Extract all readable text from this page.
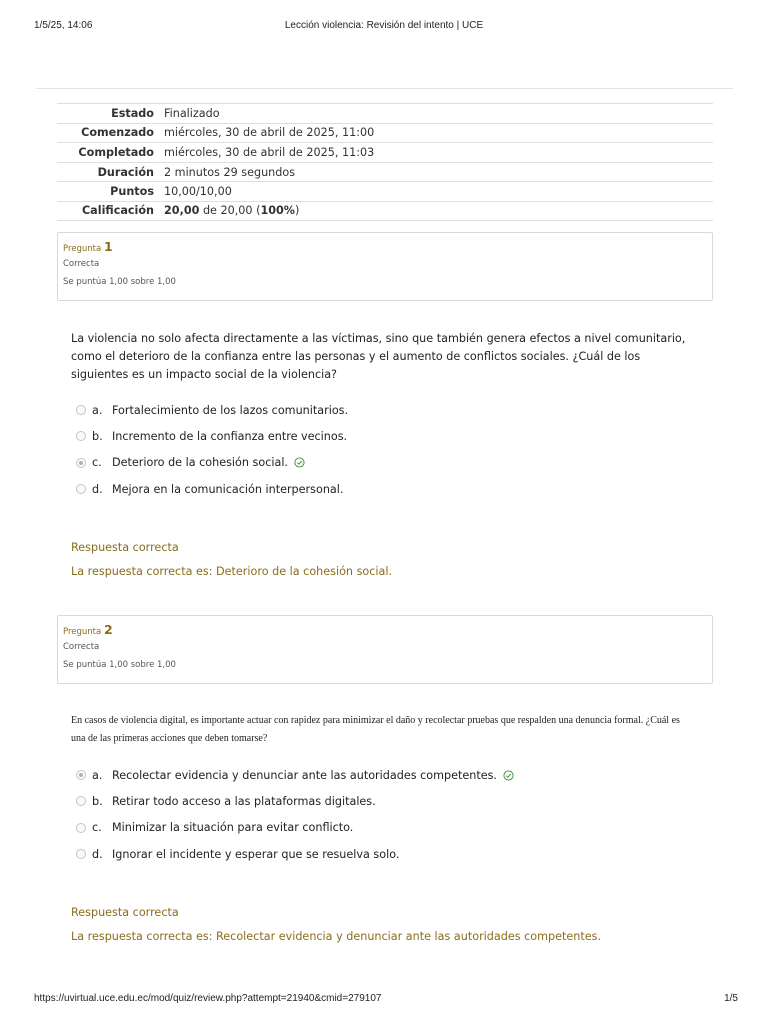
1/5/25, 14:06	Lección violencia: Revisión del intento | UCE
Estado Finalizado
Comenzado miércoles, 30 de abril de 2025, 11:00
Completado miércoles, 30 de abril de 2025, 11:03
Duración 2 minutos 29 segundos
Puntos 10,00/10,00
Calificación 20,00 de 20,00 (100%)
Pregunta 1
Correcta
Se puntúa 1,00 sobre 1,00
La violencia no solo afecta directamente a las víctimas, sino que también genera efectos a nivel comunitario, como el deterioro de la confianza entre las personas y el aumento de conflictos sociales. ¿Cuál de los siguientes es un impacto social de la violencia?
a. Fortalecimiento de los lazos comunitarios.
b. Incremento de la confianza entre vecinos.
c. Deterioro de la cohesión social.
d. Mejora en la comunicación interpersonal.
Respuesta correcta
La respuesta correcta es: Deterioro de la cohesión social.
Pregunta 2
Correcta
Se puntúa 1,00 sobre 1,00
En casos de violencia digital, es importante actuar con rapidez para minimizar el daño y recolectar pruebas que respalden una denuncia formal. ¿Cuál es una de las primeras acciones que deben tomarse?
a. Recolectar evidencia y denunciar ante las autoridades competentes.
b. Retirar todo acceso a las plataformas digitales.
c. Minimizar la situación para evitar conflicto.
d. Ignorar el incidente y esperar que se resuelva solo.
Respuesta correcta
La respuesta correcta es: Recolectar evidencia y denunciar ante las autoridades competentes.
https://uvirtual.uce.edu.ec/mod/quiz/review.php?attempt=21940&cmid=279107	1/5
